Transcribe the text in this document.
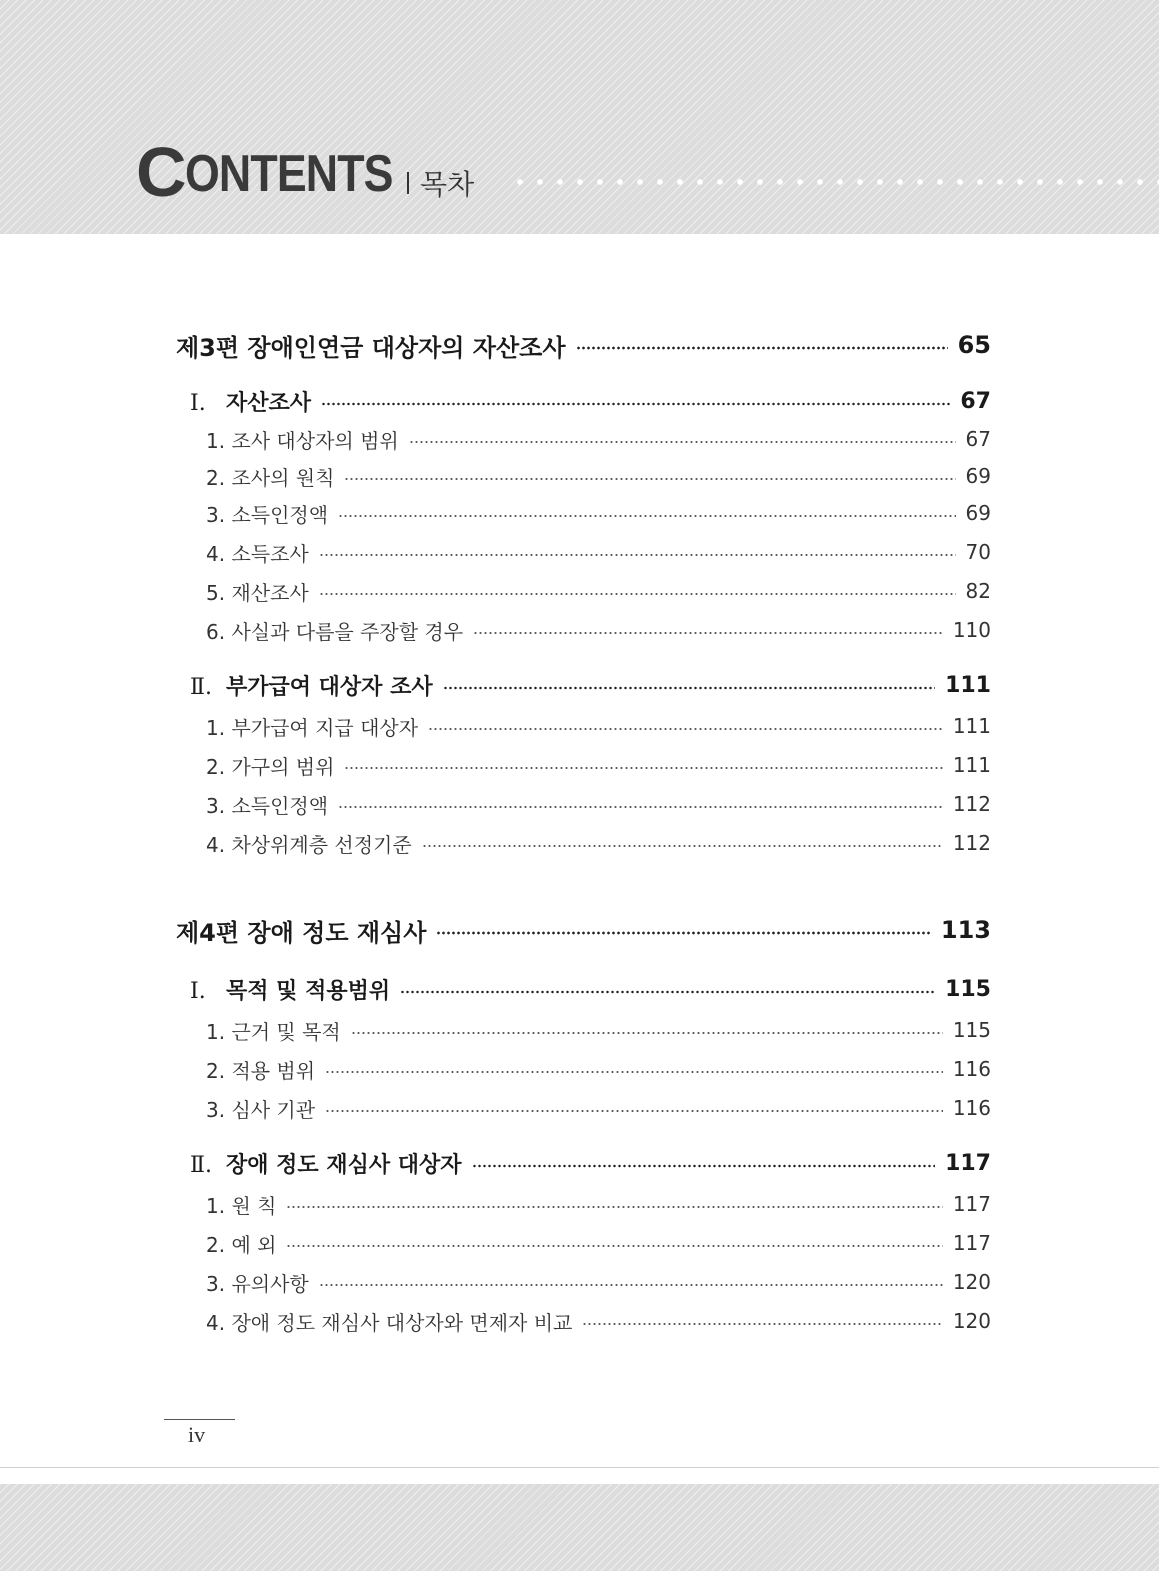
C ONTENTS 목차
제3편 장애인연금 대상자의 자산조사	65
Ⅰ. 자산조사	67
1. 조사 대상자의 범위	67
2. 조사의 원칙	69
3. 소득인정액	69
4. 소득조사	70
5. 재산조사	82
6. 사실과 다름을 주장할 경우	110
Ⅱ. 부가급여 대상자 조사	111
1. 부가급여 지급 대상자	111
2. 가구의 범위	111
3. 소득인정액	112
4. 차상위계층 선정기준	112
제4편 장애 정도 재심사	113
Ⅰ. 목적 및 적용범위	115
1. 근거 및 목적	115
2. 적용 범위	116
3. 심사 기관	116
Ⅱ. 장애 정도 재심사 대상자	117
1. 원 칙	117
2. 예 외	117
3. 유의사항	120
4. 장애 정도 재심사 대상자와 면제자 비교	120
iv
